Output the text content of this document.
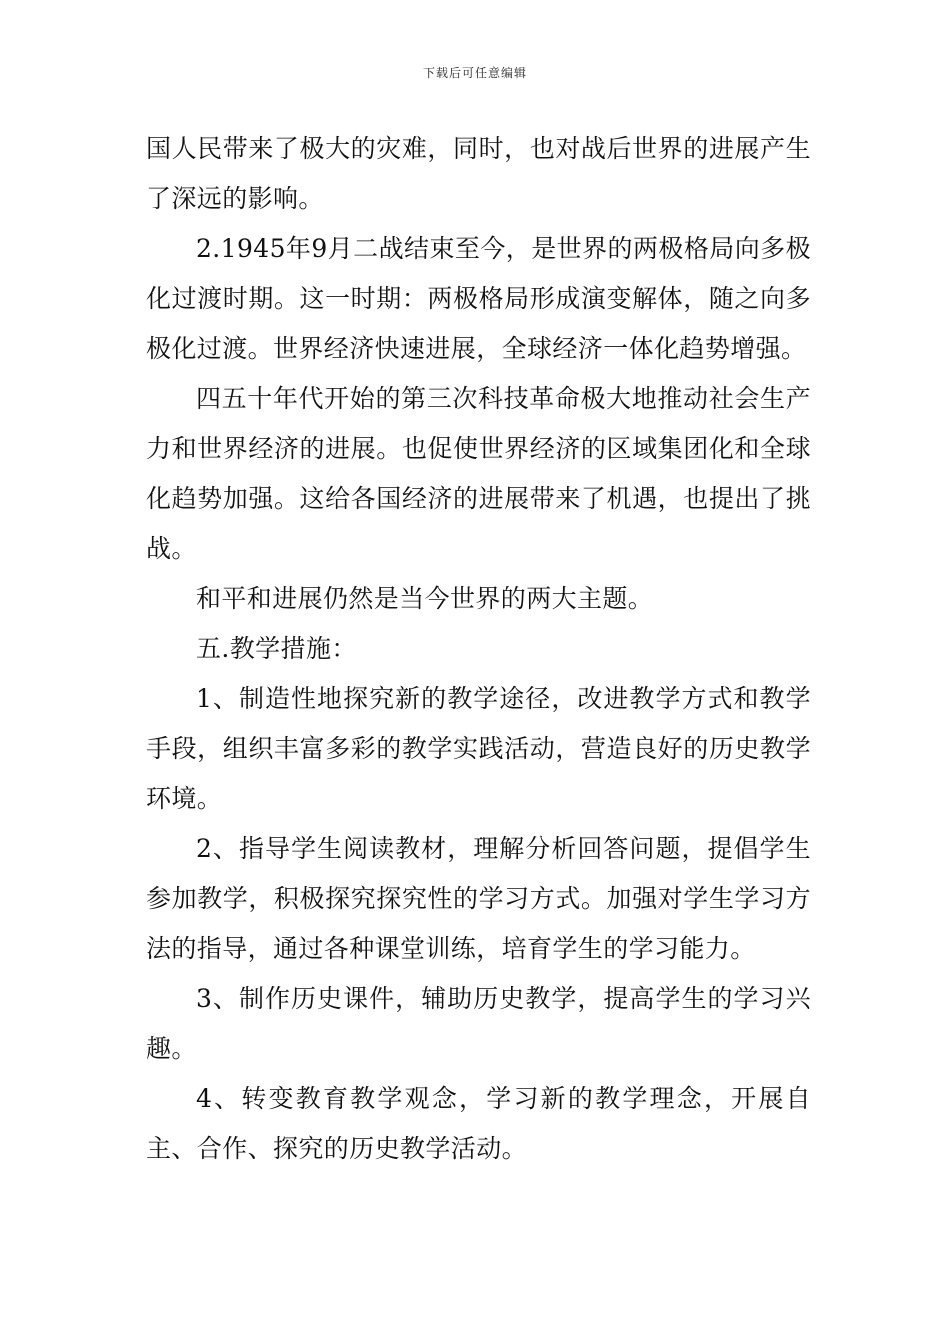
下载后可任意编辑

国人民带来了极大的灾难，同时，也对战后世界的进展产生了深远的影响。

2.1945年9月二战结束至今，是世界的两极格局向多极化过渡时期。这一时期：两极格局形成演变解体，随之向多极化过渡。世界经济快速进展，全球经济一体化趋势增强。

四五十年代开始的第三次科技革命极大地推动社会生产力和世界经济的进展。也促使世界经济的区域集团化和全球化趋势加强。这给各国经济的进展带来了机遇，也提出了挑战。

和平和进展仍然是当今世界的两大主题。

五.教学措施：

1、制造性地探究新的教学途径，改进教学方式和教学手段，组织丰富多彩的教学实践活动，营造良好的历史教学环境。

2、指导学生阅读教材，理解分析回答问题，提倡学生参加教学，积极探究探究性的学习方式。加强对学生学习方法的指导，通过各种课堂训练，培育学生的学习能力。

3、制作历史课件，辅助历史教学，提高学生的学习兴趣。

4、转变教育教学观念，学习新的教学理念，开展自主、合作、探究的历史教学活动。
